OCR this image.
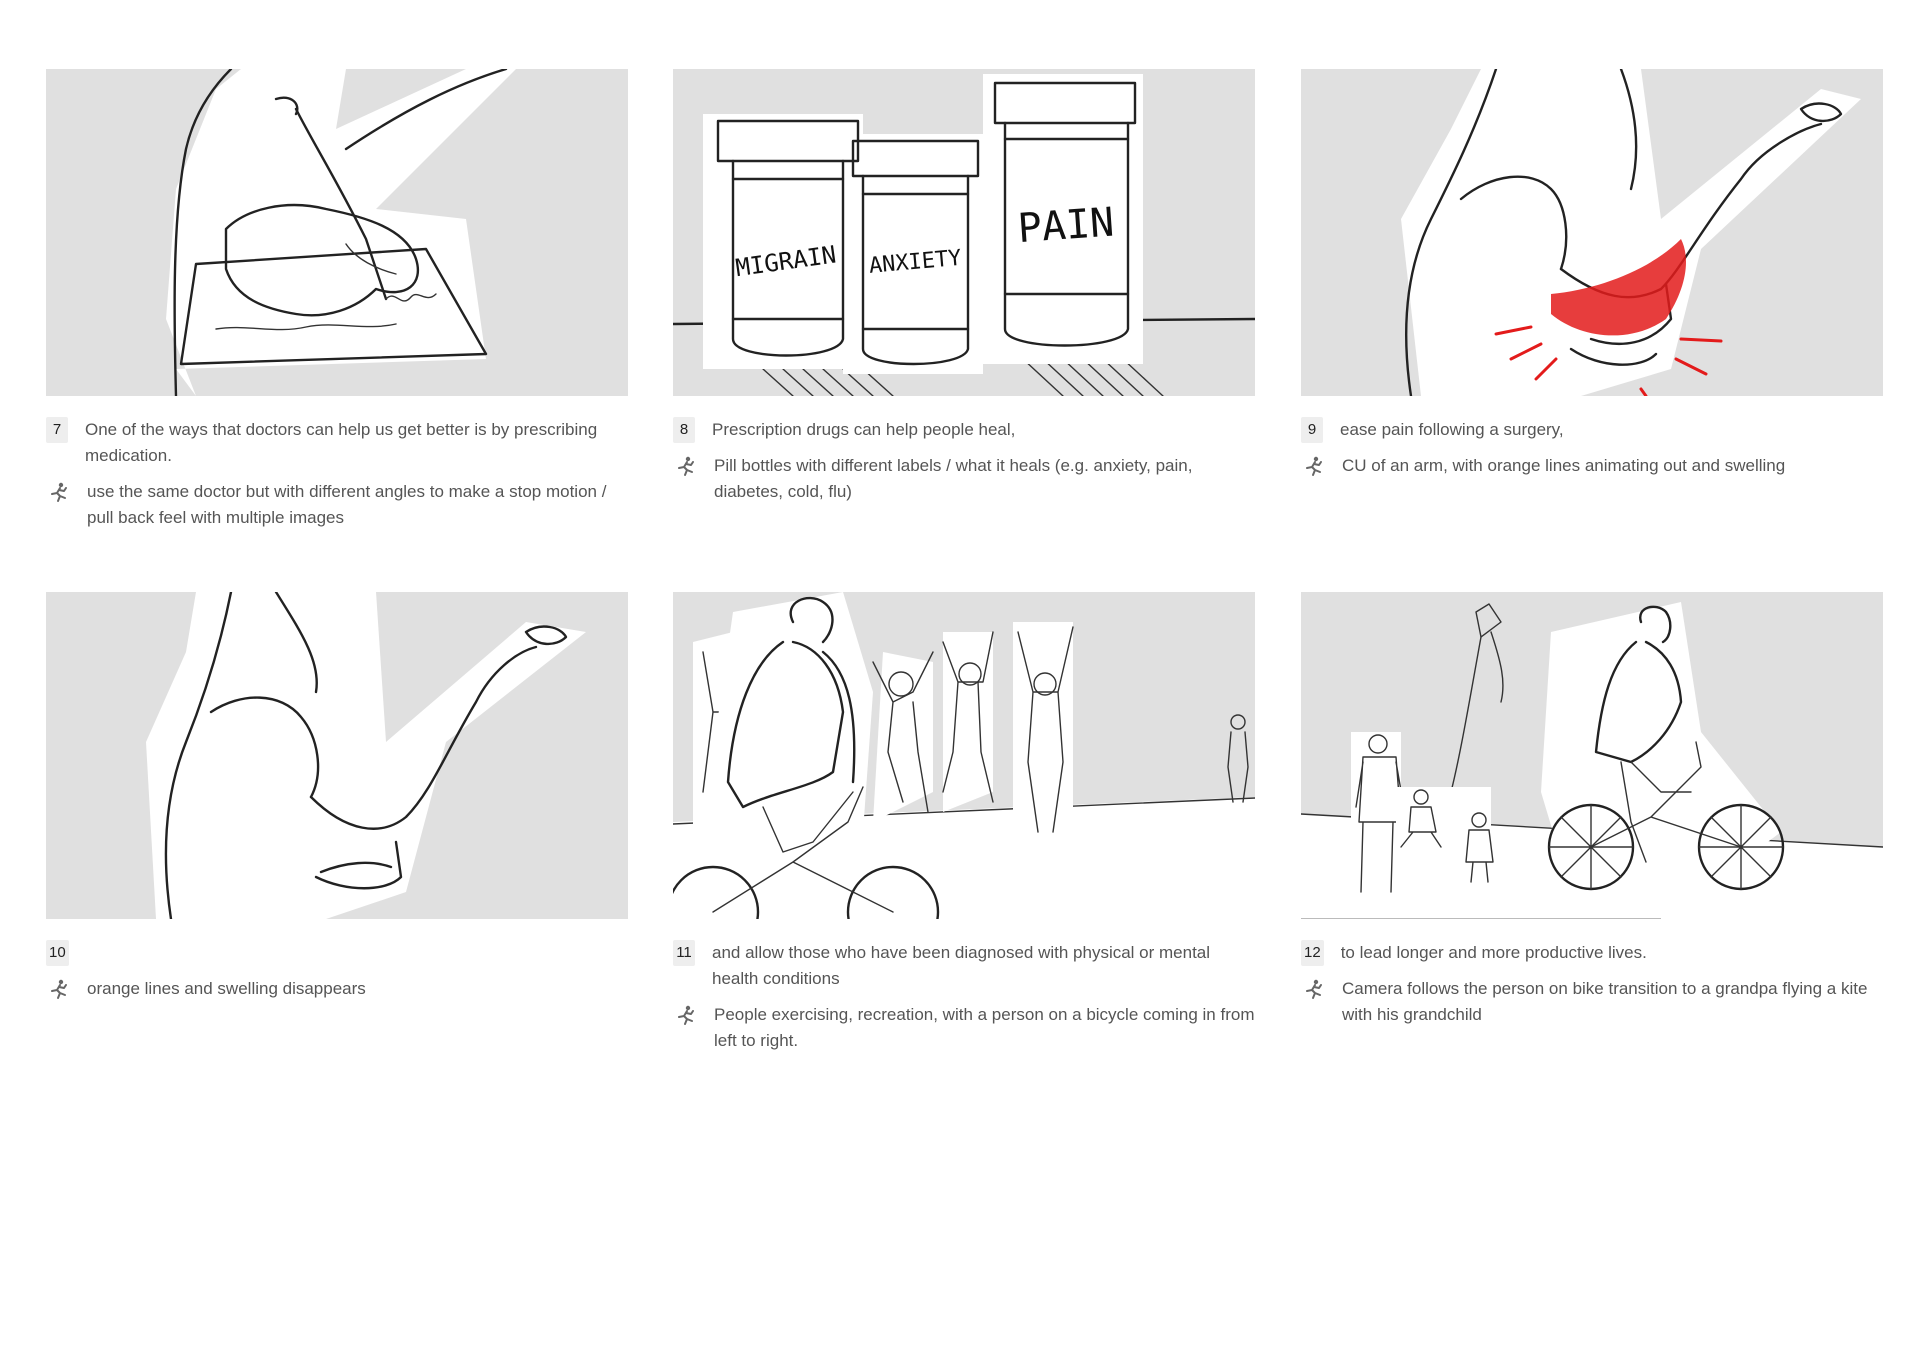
7	One of the ways that doctors can help us get better is by prescribing medication.
use the same doctor but with different angles to make a stop motion / pull back feel with multiple images
MIGRAIN ANXIETY
PAIN
8	Prescription drugs can help people heal,
Pill bottles with different labels / what it heals (e.g. anxiety, pain, diabetes, cold, flu)
9	ease pain following a surgery,
CU of an arm, with orange lines animating out and swelling
10
orange lines and swelling disappears
11 and allow those who have been diagnosed with physical or mental health conditions
People exercising, recreation, with a person on a bicycle coming in from left to right.
12 to lead longer and more productive lives.
Camera follows the person on bike transition to a grandpa flying a kite with his grandchild
